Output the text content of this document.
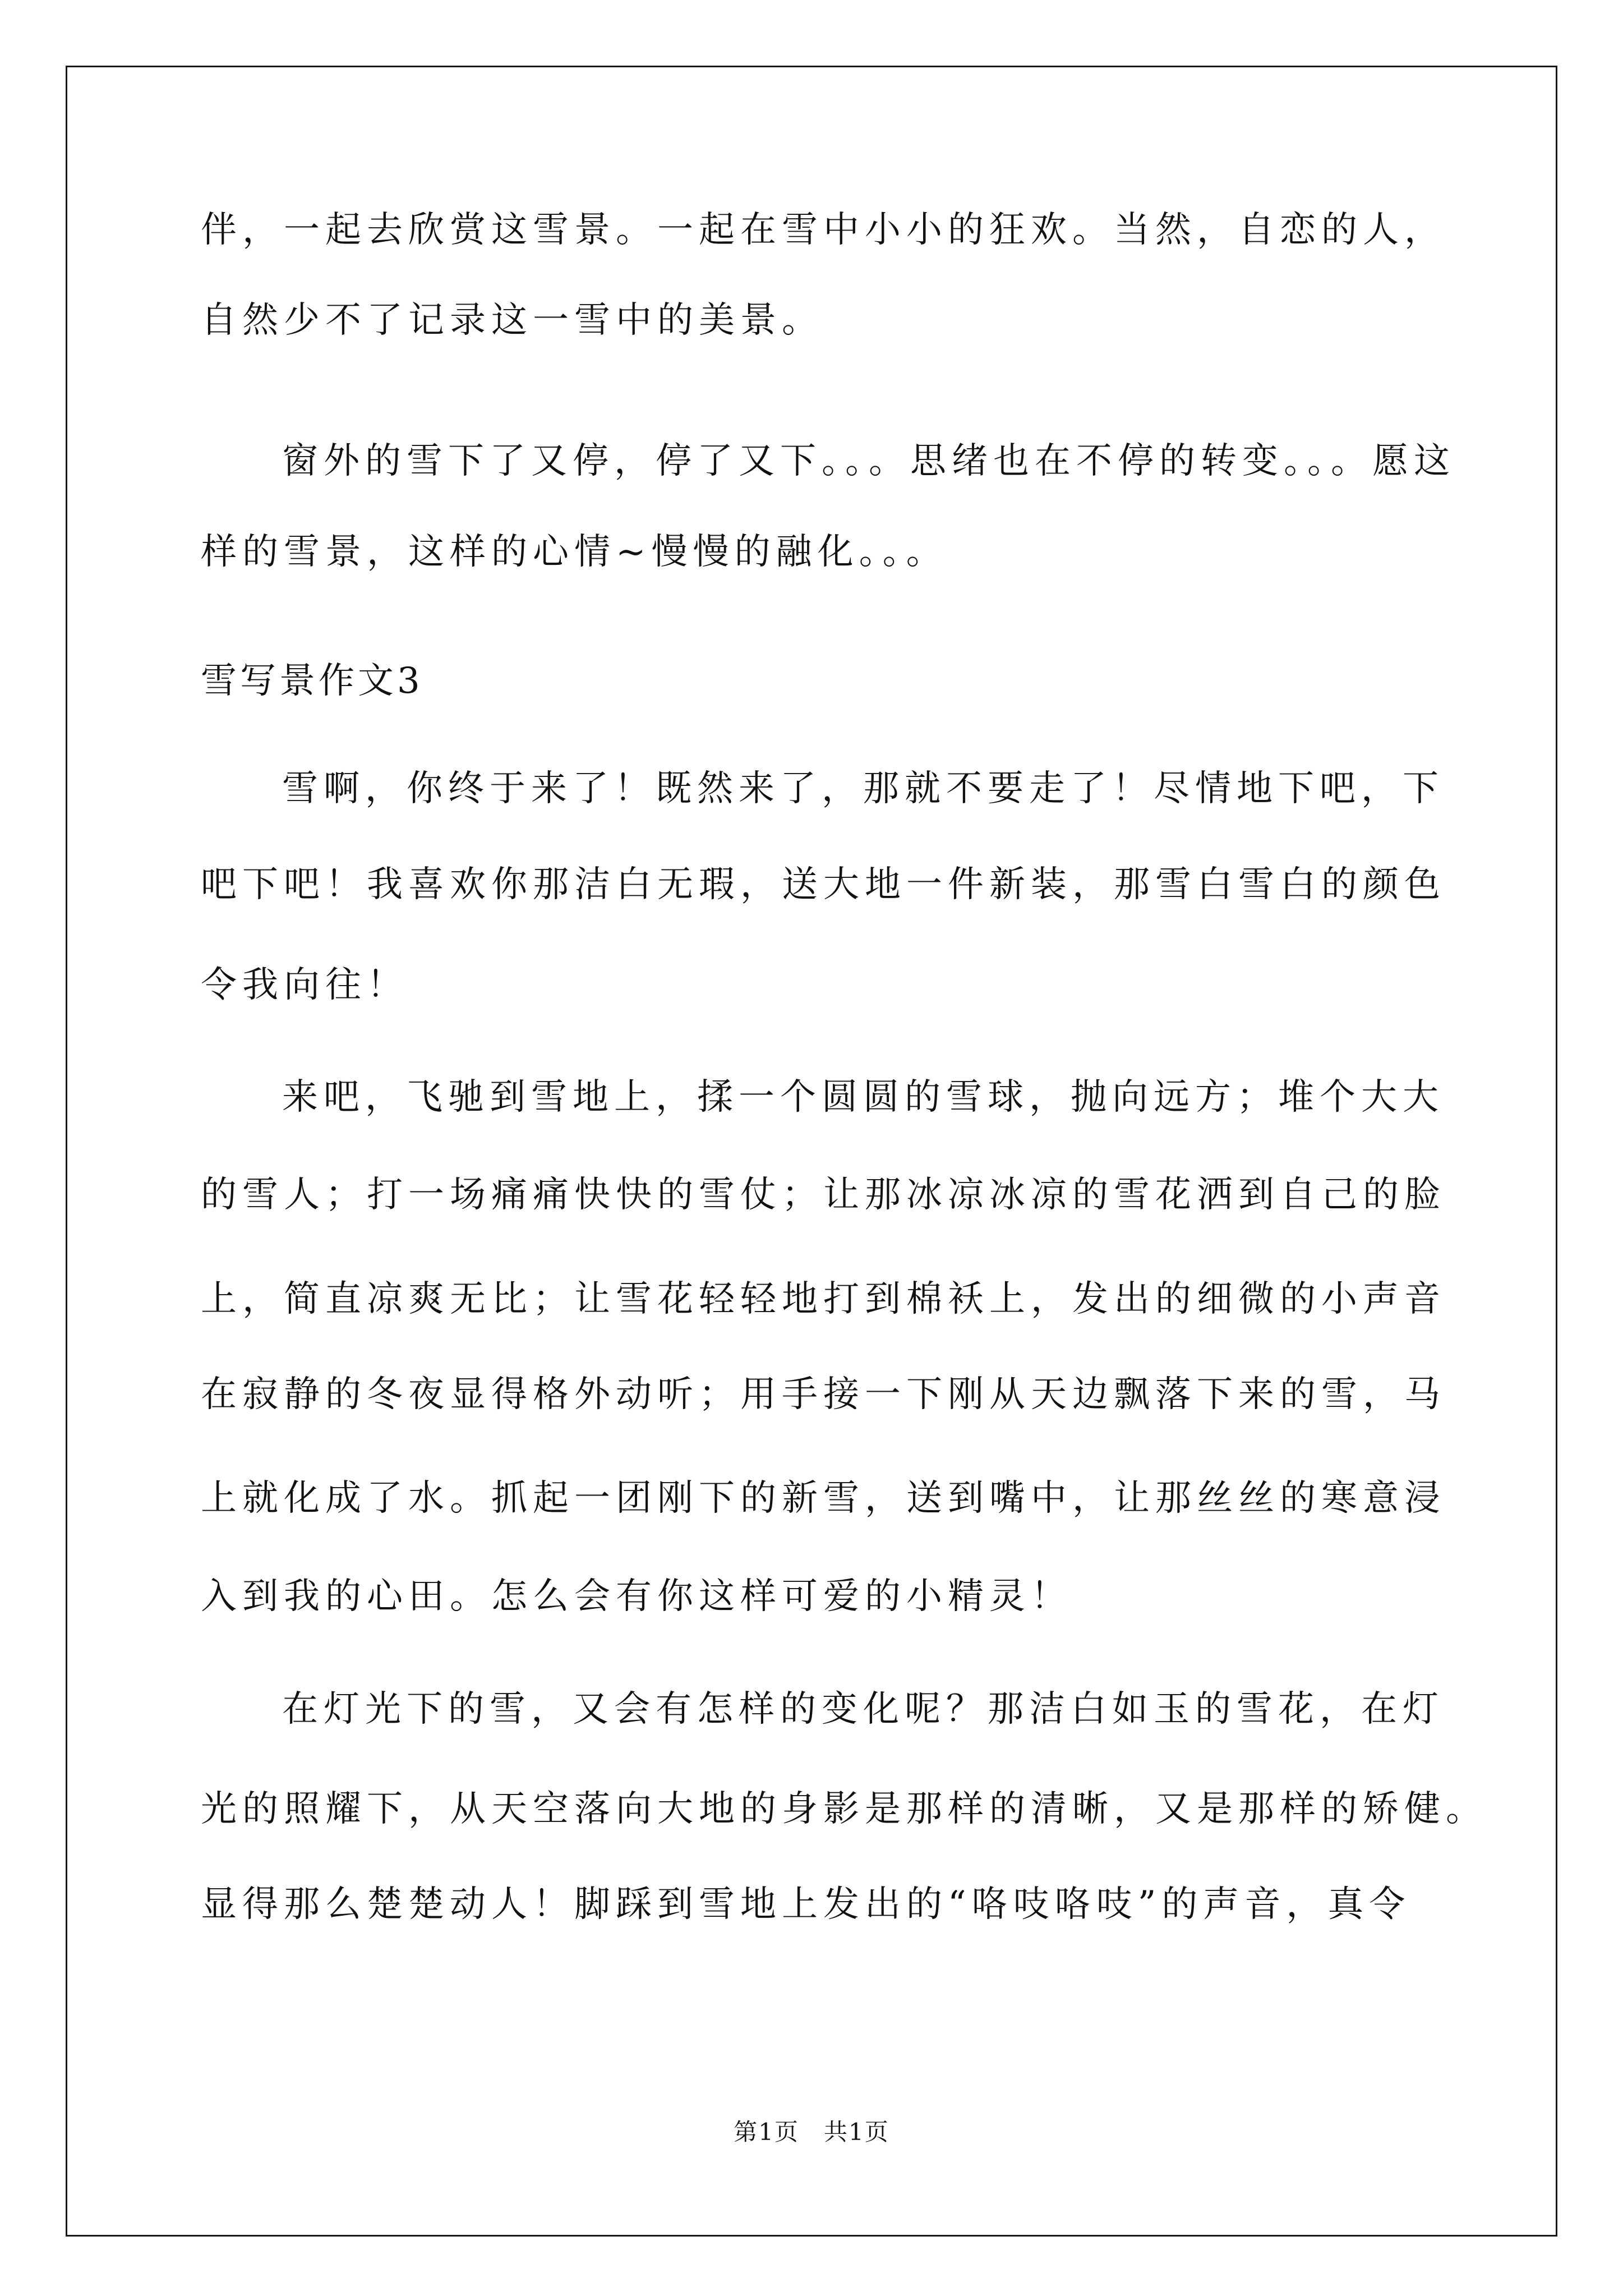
伴，一起去欣赏这雪景。一起在雪中小小的狂欢。当然，自恋的人，
自然少不了记录这一雪中的美景。
窗外的雪下了又停，停了又下。。。思绪也在不停的转变。。。愿这
样的雪景，这样的心情~慢慢的融化。。。
雪写景作文3
雪啊，你终于来了！既然来了，那就不要走了！尽情地下吧，下
吧下吧！我喜欢你那洁白无瑕，送大地一件新装，那雪白雪白的颜色
令我向往！
来吧，飞驰到雪地上，揉一个圆圆的雪球，抛向远方；堆个大大
的雪人；打一场痛痛快快的雪仗；让那冰凉冰凉的雪花洒到自己的脸
上，简直凉爽无比；让雪花轻轻地打到棉袄上，发出的细微的小声音
在寂静的冬夜显得格外动听；用手接一下刚从天边飘落下来的雪，马
上就化成了水。抓起一团刚下的新雪，送到嘴中，让那丝丝的寒意浸
入到我的心田。怎么会有你这样可爱的小精灵！
在灯光下的雪，又会有怎样的变化呢？那洁白如玉的雪花，在灯
光的照耀下，从天空落向大地的身影是那样的清晰，又是那样的矫健。
显得那么楚楚动人！脚踩到雪地上发出的“咯吱咯吱”的声音，真令
第1页　共1页
